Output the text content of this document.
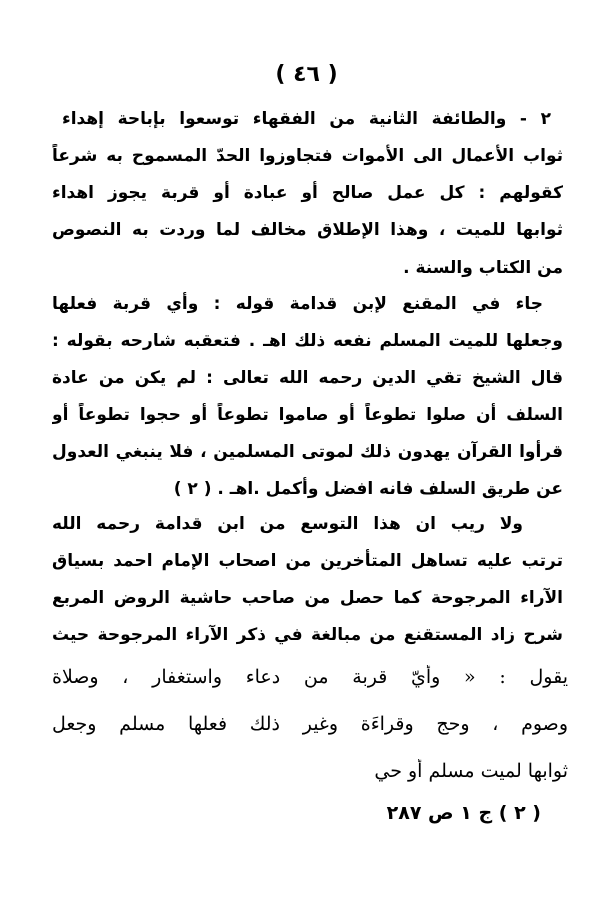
( ٤٦ )
٢ - والطائفة الثانية من الفقهاء توسعوا بإباحة إهداء
ثواب الأعمال الى الأموات فتجاوزوا الحدّ المسموح به شرعاً
كقولهم : كل عمل صالح أو عبادة أو قربة يجوز اهداء
ثوابها للميت ، وهذا الإطلاق مخالف لما وردت به النصوص
من الكتاب والسنة .
جاء في المقنع لإبن قدامة قوله : وأي قربة فعلها
وجعلها للميت المسلم نفعه ذلك اهـ . فتعقبه شارحه بقوله :
قال الشيخ تقي الدين رحمه الله تعالى : لم يكن من عادة
السلف أن صلوا تطوعاً أو صاموا تطوعاً أو حجوا تطوعاً أو
قرأوا القرآن يهدون ذلك لموتى المسلمين ، فلا ينبغي العدول
عن طريق السلف فانه افضل وأكمل .اهـ . ( ٢ )
ولا ريب ان هذا التوسع من ابن قدامة رحمه الله
ترتب عليه تساهل المتأخرين من اصحاب الإمام احمد بسياق
الآراء المرجوحة كما حصل من صاحب حاشية الروض المربع
شرح زاد المستقنع من مبالغة في ذكر الآراء المرجوحة حيث
يقول : « وأيّ قربة من دعاء واستغفار ، وصلاة
وصوم ، وحج وقراءَة وغير ذلك فعلها مسلم وجعل
ثوابها لميت مسلم أو حي
( ٢ ) ج ١ ص ٢٨٧
